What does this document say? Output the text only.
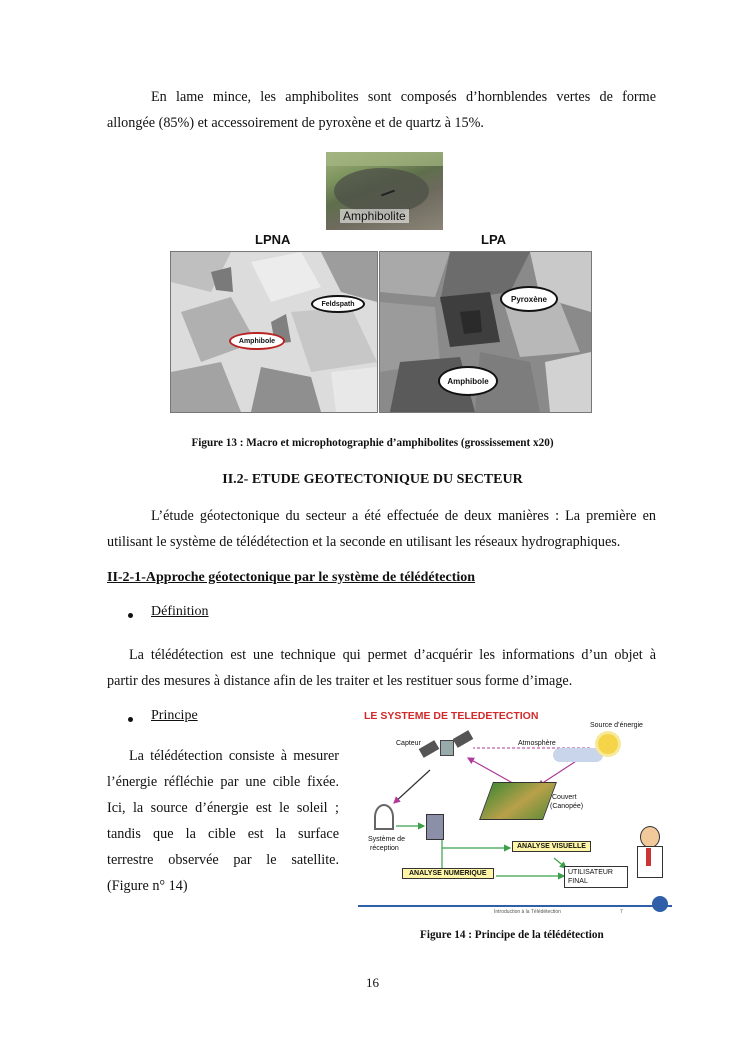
En lame mince, les amphibolites sont composés d’hornblendes vertes de forme

allongée (85%) et accessoirement de pyroxène et de quartz à 15%.

Amphibolite
LPNA	LPA
Feldspath
Amphibole
Pyroxène
Amphibole

Figure 13 : Macro et microphotographie d’amphibolites (grossissement x20)

II.2- ETUDE GEOTECTONIQUE DU SECTEUR

L’étude géotectonique du secteur a été effectuée de deux manières : La première en

utilisant le système de télédétection et la seconde en utilisant les réseaux hydrographiques.

II-2-1-Approche géotectonique par le système de télédétection

Définition

La télédétection est une technique qui permet d’acquérir les informations d’un objet à

partir des mesures à distance afin de les traiter et les restituer sous forme d’image.

Principe

La télédétection consiste à mesurer

l’énergie réfléchie par une cible fixée.

Ici, la source d’énergie est le soleil ;

tandis que la cible est la surface

terrestre observée par le satellite.

(Figure n° 14)

LE SYSTEME DE TELEDETECTION
Capteur	Atmosphère
Source d’énergie
Couvert
(Canopée)
Système de
réception	ANALYSE VISUELLE
ANALYSE NUMERIQUE	UTILISATEUR
FINAL
Introduction à la Télédétection	7

Figure 14 : Principe de la télédétection

16
